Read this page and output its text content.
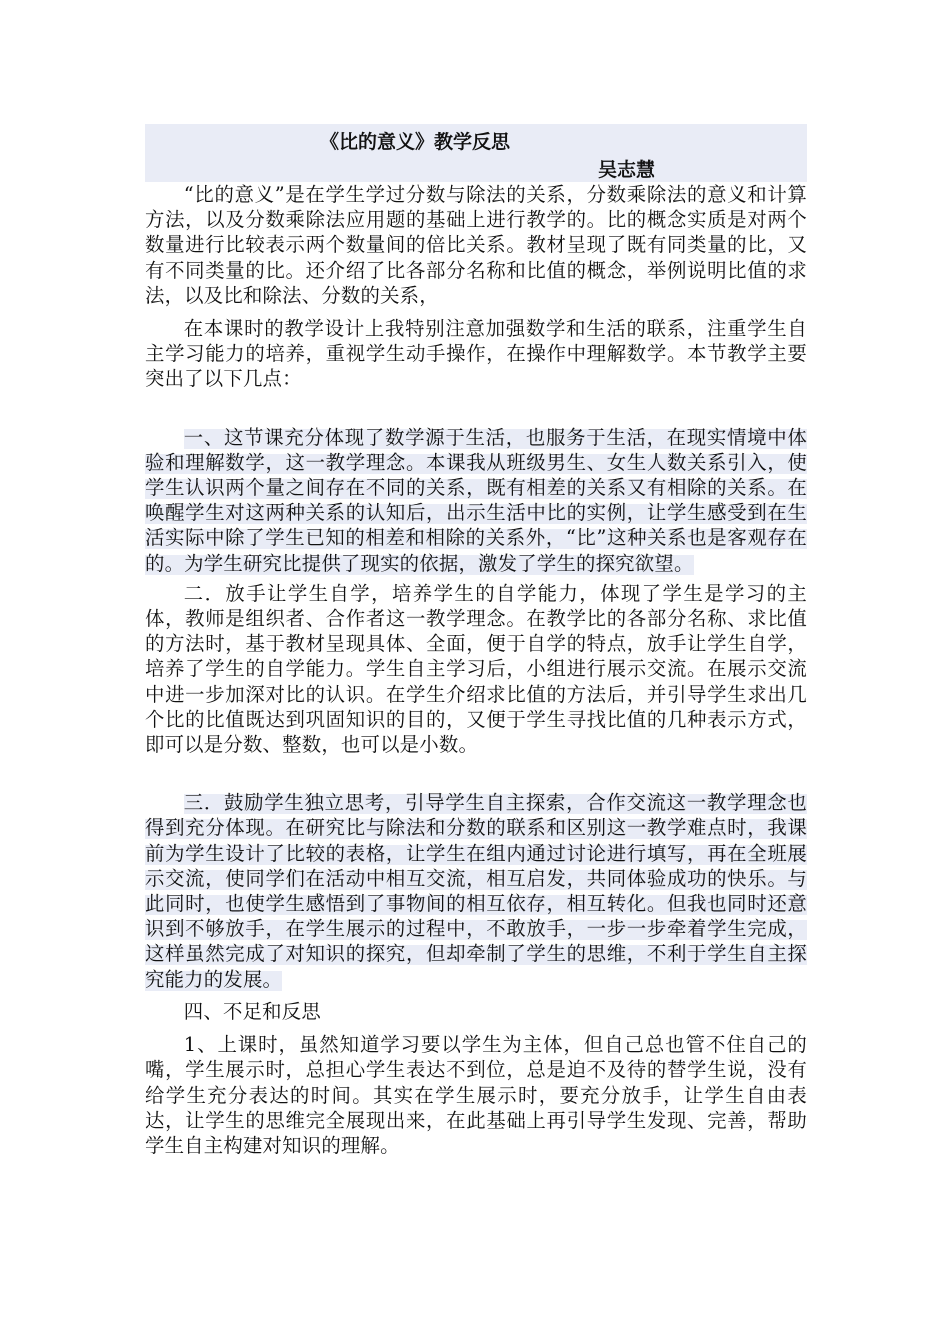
《比的意义》教学反思
吴志慧

“比的意义”是在学生学过分数与除法的关系，分数乘除法的意义和计算方法，以及分数乘除法应用题的基础上进行教学的。比的概念实质是对两个数量进行比较表示两个数量间的倍比关系。教材呈现了既有同类量的比，又有不同类量的比。还介绍了比各部分名称和比值的概念，举例说明比值的求法，以及比和除法、分数的关系，

在本课时的教学设计上我特别注意加强数学和生活的联系，注重学生自主学习能力的培养，重视学生动手操作，在操作中理解数学。本节教学主要突出了以下几点：

一、这节课充分体现了数学源于生活，也服务于生活，在现实情境中体验和理解数学，这一教学理念。本课我从班级男生、女生人数关系引入，使学生认识两个量之间存在不同的关系，既有相差的关系又有相除的关系。在唤醒学生对这两种关系的认知后，出示生活中比的实例，让学生感受到在生活实际中除了学生已知的相差和相除的关系外，“比”这种关系也是客观存在的。为学生研究比提供了现实的依据，激发了学生的探究欲望。

二．放手让学生自学，培养学生的自学能力，体现了学生是学习的主体，教师是组织者、合作者这一教学理念。在教学比的各部分名称、求比值的方法时，基于教材呈现具体、全面，便于自学的特点，放手让学生自学，培养了学生的自学能力。学生自主学习后，小组进行展示交流。在展示交流中进一步加深对比的认识。在学生介绍求比值的方法后，并引导学生求出几个比的比值既达到巩固知识的目的，又便于学生寻找比值的几种表示方式，即可以是分数、整数，也可以是小数。

三．鼓励学生独立思考，引导学生自主探索，合作交流这一教学理念也得到充分体现。在研究比与除法和分数的联系和区别这一教学难点时，我课前为学生设计了比较的表格，让学生在组内通过讨论进行填写，再在全班展示交流，使同学们在活动中相互交流，相互启发，共同体验成功的快乐。与此同时，也使学生感悟到了事物间的相互依存，相互转化。但我也同时还意识到不够放手，在学生展示的过程中，不敢放手，一步一步牵着学生完成，这样虽然完成了对知识的探究，但却牵制了学生的思维，不利于学生自主探究能力的发展。

四、不足和反思

1、上课时，虽然知道学习要以学生为主体，但自己总也管不住自己的嘴，学生展示时，总担心学生表达不到位，总是迫不及待的替学生说，没有给学生充分表达的时间。其实在学生展示时，要充分放手，让学生自由表达，让学生的思维完全展现出来，在此基础上再引导学生发现、完善，帮助学生自主构建对知识的理解。
